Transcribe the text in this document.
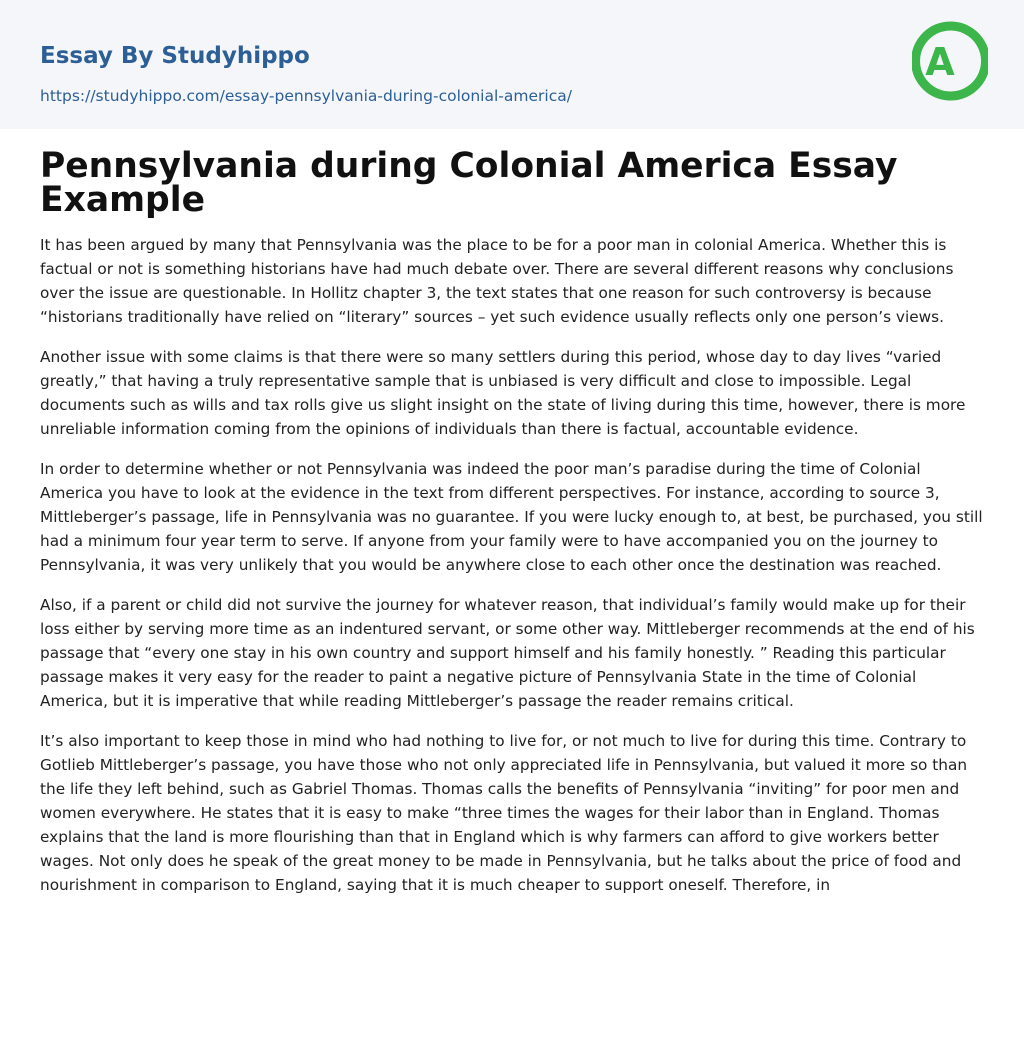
Essay By Studyhippo
https://studyhippo.com/essay-pennsylvania-during-colonial-america/
A
Pennsylvania during Colonial America Essay Example

It has been argued by many that Pennsylvania was the place to be for a poor man in colonial America. Whether this is factual or not is something historians have had much debate over. There are several different reasons why conclusions over the issue are questionable. In Hollitz chapter 3, the text states that one reason for such controversy is because “historians traditionally have relied on “literary” sources – yet such evidence usually reflects only one person’s views.

Another issue with some claims is that there were so many settlers during this period, whose day to day lives “varied greatly,” that having a truly representative sample that is unbiased is very difficult and close to impossible. Legal documents such as wills and tax rolls give us slight insight on the state of living during this time, however, there is more unreliable information coming from the opinions of individuals than there is factual, accountable evidence.

In order to determine whether or not Pennsylvania was indeed the poor man’s paradise during the time of Colonial America you have to look at the evidence in the text from different perspectives. For instance, according to source 3, Mittleberger’s passage, life in Pennsylvania was no guarantee. If you were lucky enough to, at best, be purchased, you still had a minimum four year term to serve. If anyone from your family were to have accompanied you on the journey to Pennsylvania, it was very unlikely that you would be anywhere close to each other once the destination was reached.

Also, if a parent or child did not survive the journey for whatever reason, that individual’s family would make up for their loss either by serving more time as an indentured servant, or some other way. Mittleberger recommends at the end of his passage that “every one stay in his own country and support himself and his family honestly. ” Reading this particular passage makes it very easy for the reader to paint a negative picture of Pennsylvania State in the time of Colonial America, but it is imperative that while reading Mittleberger’s passage the reader remains critical.

It’s also important to keep those in mind who had nothing to live for, or not much to live for during this time. Contrary to Gotlieb Mittleberger’s passage, you have those who not only appreciated life in Pennsylvania, but valued it more so than the life they left behind, such as Gabriel Thomas. Thomas calls the benefits of Pennsylvania “inviting” for poor men and women everywhere. He states that it is easy to make “three times the wages for their labor than in England. Thomas explains that the land is more flourishing than that in England which is why farmers can afford to give workers better wages. Not only does he speak of the great money to be made in Pennsylvania, but he talks about the price of food and nourishment in comparison to England, saying that it is much cheaper to support oneself. Therefore, in
